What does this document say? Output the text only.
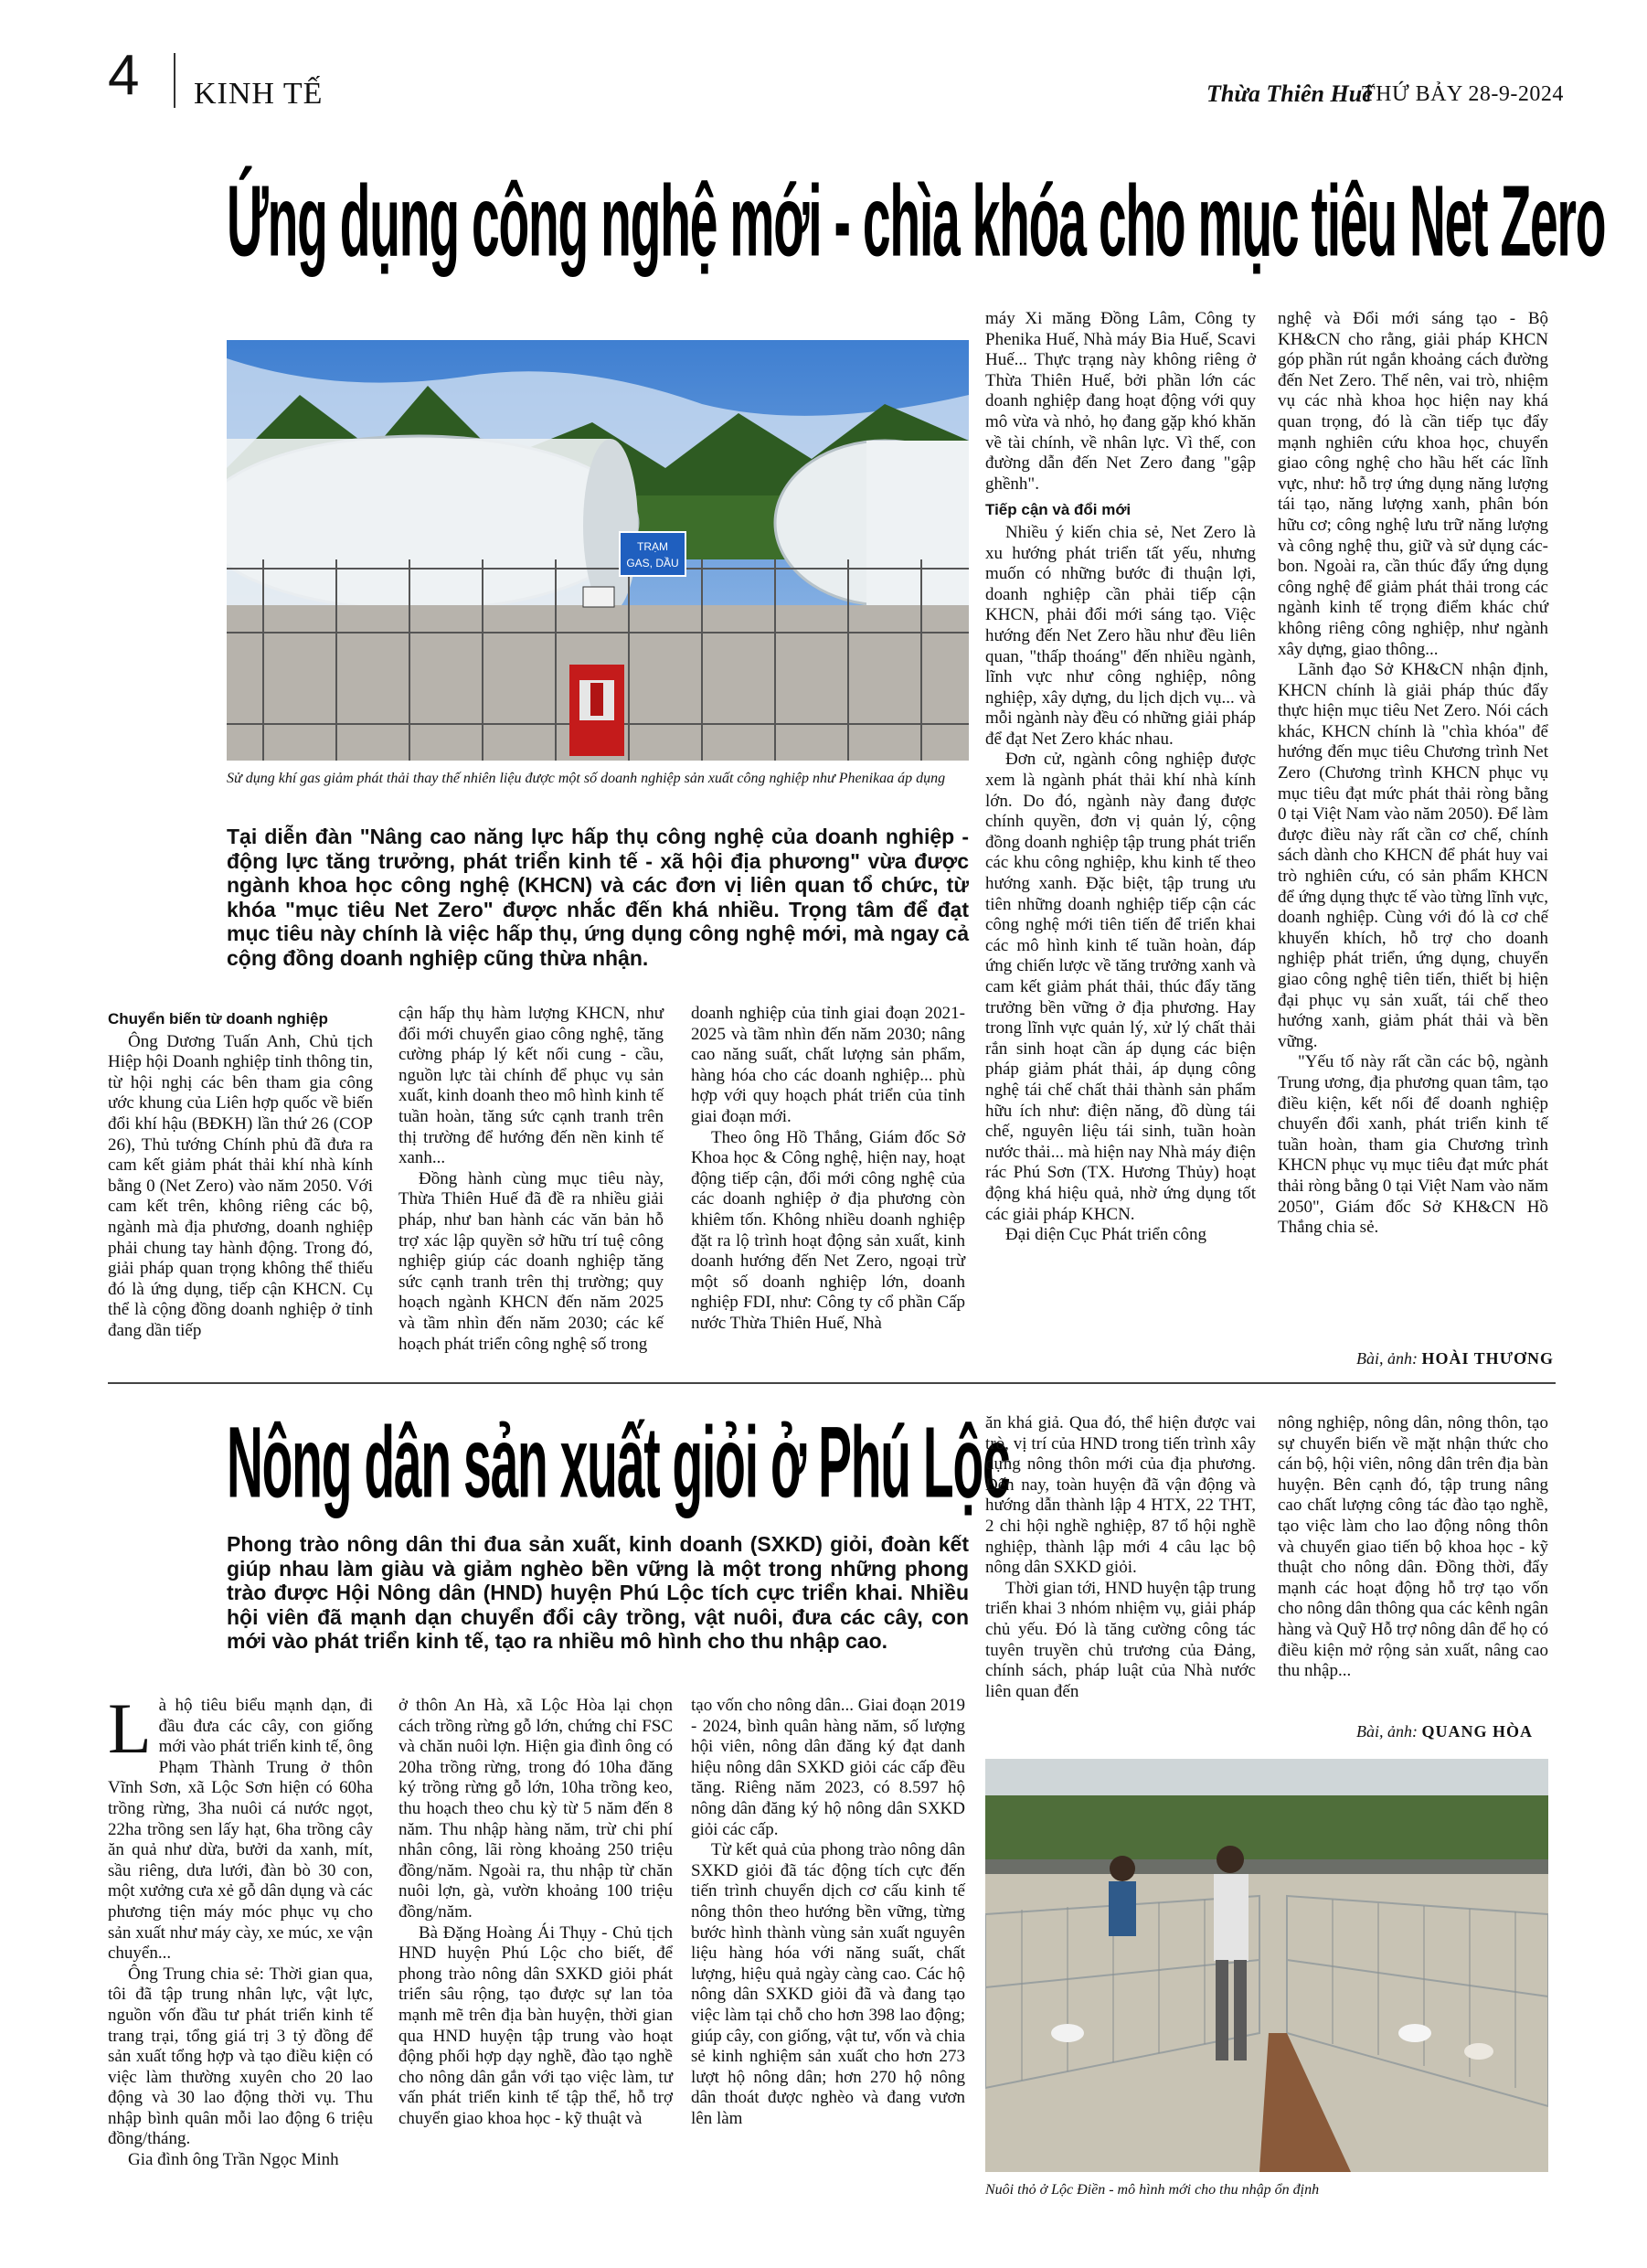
4 KINH TẾ	Thừa Thiên Huế
THỨ BẢY 28-9-2024
Ứng dụng công nghệ mới - chìa khóa cho mục tiêu Net Zero
TRẠM
GAS, DẦU
Sử dụng khí gas giảm phát thải thay thế nhiên liệu được một số doanh nghiệp sản xuất công nghiệp như Phenikaa áp dụng
Tại diễn đàn "Nâng cao năng lực hấp thụ công nghệ của doanh nghiệp - động lực tăng trưởng, phát triển kinh tế - xã hội địa phương" vừa được ngành khoa học công nghệ (KHCN) và các đơn vị liên quan tổ chức, từ khóa "mục tiêu Net Zero" được nhắc đến khá nhiều. Trọng tâm để đạt mục tiêu này chính là việc hấp thụ, ứng dụng công nghệ mới, mà ngay cả cộng đồng doanh nghiệp cũng thừa nhận.
Chuyển biến từ doanh nghiệp

Ông Dương Tuấn Anh, Chủ tịch Hiệp hội Doanh nghiệp tỉnh thông tin, từ hội nghị các bên tham gia công ước khung của Liên hợp quốc về biến đổi khí hậu (BĐKH) lần thứ 26 (COP 26), Thủ tướng Chính phủ đã đưa ra cam kết giảm phát thải khí nhà kính bằng 0 (Net Zero) vào năm 2050. Với cam kết trên, không riêng các bộ, ngành mà địa phương, doanh nghiệp phải chung tay hành động. Trong đó, giải pháp quan trọng không thể thiếu đó là ứng dụng, tiếp cận KHCN. Cụ thể là cộng đồng doanh nghiệp ở tỉnh đang dần tiếp

cận hấp thụ hàm lượng KHCN, như đổi mới chuyển giao công nghệ, tăng cường pháp lý kết nối cung - cầu, nguồn lực tài chính để phục vụ sản xuất, kinh doanh theo mô hình kinh tế tuần hoàn, tăng sức cạnh tranh trên thị trường để hướng đến nền kinh tế xanh...

Đồng hành cùng mục tiêu này, Thừa Thiên Huế đã đề ra nhiều giải pháp, như ban hành các văn bản hỗ trợ xác lập quyền sở hữu trí tuệ công nghiệp giúp các doanh nghiệp tăng sức cạnh tranh trên thị trường; quy hoạch ngành KHCN đến năm 2025 và tầm nhìn đến năm 2030; các kế hoạch phát triển công nghệ số trong

doanh nghiệp của tỉnh giai đoạn 2021-2025 và tầm nhìn đến năm 2030; nâng cao năng suất, chất lượng sản phẩm, hàng hóa cho các doanh nghiệp... phù hợp với quy hoạch phát triển của tỉnh giai đoạn mới.

Theo ông Hồ Thắng, Giám đốc Sở Khoa học & Công nghệ, hiện nay, hoạt động tiếp cận, đổi mới công nghệ của các doanh nghiệp ở địa phương còn khiêm tốn. Không nhiều doanh nghiệp đặt ra lộ trình hoạt động sản xuất, kinh doanh hướng đến Net Zero, ngoại trừ một số doanh nghiệp lớn, doanh nghiệp FDI, như: Công ty cổ phần Cấp nước Thừa Thiên Huế, Nhà

máy Xi măng Đồng Lâm, Công ty Phenika Huế, Nhà máy Bia Huế, Scavi Huế... Thực trạng này không riêng ở Thừa Thiên Huế, bởi phần lớn các doanh nghiệp đang hoạt động với quy mô vừa và nhỏ, họ đang gặp khó khăn về tài chính, về nhân lực. Vì thế, con đường dẫn đến Net Zero đang "gập ghềnh".

Tiếp cận và đổi mới

Nhiều ý kiến chia sẻ, Net Zero là xu hướng phát triển tất yếu, nhưng muốn có những bước đi thuận lợi, doanh nghiệp cần phải tiếp cận KHCN, phải đổi mới sáng tạo. Việc hướng đến Net Zero hầu như đều liên quan, "thấp thoáng" đến nhiều ngành, lĩnh vực như công nghiệp, nông nghiệp, xây dựng, du lịch dịch vụ... và mỗi ngành này đều có những giải pháp để đạt Net Zero khác nhau.

Đơn cử, ngành công nghiệp được xem là ngành phát thải khí nhà kính lớn. Do đó, ngành này đang được chính quyền, đơn vị quản lý, cộng đồng doanh nghiệp tập trung phát triển các khu công nghiệp, khu kinh tế theo hướng xanh. Đặc biệt, tập trung ưu tiên những doanh nghiệp tiếp cận các công nghệ mới tiên tiến để triển khai các mô hình kinh tế tuần hoàn, đáp ứng chiến lược về tăng trưởng xanh và cam kết giảm phát thải, thúc đẩy tăng trưởng bền vững ở địa phương. Hay trong lĩnh vực quản lý, xử lý chất thải rắn sinh hoạt cần áp dụng các biện pháp giảm phát thải, áp dụng công nghệ tái chế chất thải thành sản phẩm hữu ích như: điện năng, đồ dùng tái chế, nguyên liệu tái sinh, tuần hoàn nước thải... mà hiện nay Nhà máy điện rác Phú Sơn (TX. Hương Thủy) hoạt động khá hiệu quả, nhờ ứng dụng tốt các giải pháp KHCN.

Đại diện Cục Phát triển công

nghệ và Đổi mới sáng tạo - Bộ KH&CN cho rằng, giải pháp KHCN góp phần rút ngắn khoảng cách đường đến Net Zero. Thế nên, vai trò, nhiệm vụ các nhà khoa học hiện nay khá quan trọng, đó là cần tiếp tục đẩy mạnh nghiên cứu khoa học, chuyển giao công nghệ cho hầu hết các lĩnh vực, như: hỗ trợ ứng dụng năng lượng tái tạo, năng lượng xanh, phân bón hữu cơ; công nghệ lưu trữ năng lượng và công nghệ thu, giữ và sử dụng các-bon. Ngoài ra, cần thúc đẩy ứng dụng công nghệ để giảm phát thải trong các ngành kinh tế trọng điểm khác chứ không riêng công nghiệp, như ngành xây dựng, giao thông...

Lãnh đạo Sở KH&CN nhận định, KHCN chính là giải pháp thúc đẩy thực hiện mục tiêu Net Zero. Nói cách khác, KHCN chính là "chìa khóa" để hướng đến mục tiêu Chương trình Net Zero (Chương trình KHCN phục vụ mục tiêu đạt mức phát thải ròng bằng 0 tại Việt Nam vào năm 2050). Để làm được điều này rất cần cơ chế, chính sách dành cho KHCN để phát huy vai trò nghiên cứu, có sản phẩm KHCN để ứng dụng thực tế vào từng lĩnh vực, doanh nghiệp. Cùng với đó là cơ chế khuyến khích, hỗ trợ cho doanh nghiệp phát triển, ứng dụng, chuyển giao công nghệ tiên tiến, thiết bị hiện đại phục vụ sản xuất, tái chế theo hướng xanh, giảm phát thải và bền vững.

"Yếu tố này rất cần các bộ, ngành Trung ương, địa phương quan tâm, tạo điều kiện, kết nối để doanh nghiệp chuyển đổi xanh, phát triển kinh tế tuần hoàn, tham gia Chương trình KHCN phục vụ mục tiêu đạt mức phát thải ròng bằng 0 tại Việt Nam vào năm 2050", Giám đốc Sở KH&CN Hồ Thắng chia sẻ.

Bài, ảnh: HOÀI THƯƠNG
Nông dân sản xuất giỏi ở Phú Lộc
Phong trào nông dân thi đua sản xuất, kinh doanh (SXKD) giỏi, đoàn kết giúp nhau làm giàu và giảm nghèo bền vững là một trong những phong trào được Hội Nông dân (HND) huyện Phú Lộc tích cực triển khai. Nhiều hội viên đã mạnh dạn chuyển đổi cây trồng, vật nuôi, đưa các cây, con mới vào phát triển kinh tế, tạo ra nhiều mô hình cho thu nhập cao.

Là hộ tiêu biểu mạnh dạn, đi đầu đưa các cây, con giống mới vào phát triển kinh tế, ông Phạm Thành Trung ở thôn Vĩnh Sơn, xã Lộc Sơn hiện có 60ha trồng rừng, 3ha nuôi cá nước ngọt, 22ha trồng sen lấy hạt, 6ha trồng cây ăn quả như dừa, bưởi da xanh, mít, sầu riêng, dưa lưới, đàn bò 30 con, một xưởng cưa xẻ gỗ dân dụng và các phương tiện máy móc phục vụ cho sản xuất như máy cày, xe múc, xe vận chuyển...

Ông Trung chia sẻ: Thời gian qua, tôi đã tập trung nhân lực, vật lực, nguồn vốn đầu tư phát triển kinh tế trang trại, tổng giá trị 3 tỷ đồng để sản xuất tổng hợp và tạo điều kiện có việc làm thường xuyên cho 20 lao động và 30 lao động thời vụ. Thu nhập bình quân mỗi lao động 6 triệu đồng/tháng.

Gia đình ông Trần Ngọc Minh

ở thôn An Hà, xã Lộc Hòa lại chọn cách trồng rừng gỗ lớn, chứng chỉ FSC và chăn nuôi lợn. Hiện gia đình ông có 20ha trồng rừng, trong đó 10ha đăng ký trồng rừng gỗ lớn, 10ha trồng keo, thu hoạch theo chu kỳ từ 5 năm đến 8 năm. Thu nhập hàng năm, trừ chi phí nhân công, lãi ròng khoảng 250 triệu đồng/năm. Ngoài ra, thu nhập từ chăn nuôi lợn, gà, vườn khoảng 100 triệu đồng/năm.

Bà Đặng Hoàng Ái Thụy - Chủ tịch HND huyện Phú Lộc cho biết, để phong trào nông dân SXKD giỏi phát triển sâu rộng, tạo được sự lan tỏa mạnh mẽ trên địa bàn huyện, thời gian qua HND huyện tập trung vào hoạt động phối hợp dạy nghề, đào tạo nghề cho nông dân gắn với tạo việc làm, tư vấn phát triển kinh tế tập thể, hỗ trợ chuyển giao khoa học - kỹ thuật và

tạo vốn cho nông dân... Giai đoạn 2019 - 2024, bình quân hàng năm, số lượng hội viên, nông dân đăng ký đạt danh hiệu nông dân SXKD giỏi các cấp đều tăng. Riêng năm 2023, có 8.597 hộ nông dân đăng ký hộ nông dân SXKD giỏi các cấp.

Từ kết quả của phong trào nông dân SXKD giỏi đã tác động tích cực đến tiến trình chuyển dịch cơ cấu kinh tế nông thôn theo hướng bền vững, từng bước hình thành vùng sản xuất nguyên liệu hàng hóa với năng suất, chất lượng, hiệu quả ngày càng cao. Các hộ nông dân SXKD giỏi đã và đang tạo việc làm tại chỗ cho hơn 398 lao động; giúp cây, con giống, vật tư, vốn và chia sẻ kinh nghiệm sản xuất cho hơn 273 lượt hộ nông dân; hơn 270 hộ nông dân thoát được nghèo và đang vươn lên làm

ăn khá giả. Qua đó, thể hiện được vai trò, vị trí của HND trong tiến trình xây dựng nông thôn mới của địa phương. Đến nay, toàn huyện đã vận động và hướng dẫn thành lập 4 HTX, 22 THT, 2 chi hội nghề nghiệp, 87 tổ hội nghề nghiệp, thành lập mới 4 câu lạc bộ nông dân SXKD giỏi.

Thời gian tới, HND huyện tập trung triển khai 3 nhóm nhiệm vụ, giải pháp chủ yếu. Đó là tăng cường công tác tuyên truyền chủ trương của Đảng, chính sách, pháp luật của Nhà nước liên quan đến

nông nghiệp, nông dân, nông thôn, tạo sự chuyển biến về mặt nhận thức cho cán bộ, hội viên, nông dân trên địa bàn huyện. Bên cạnh đó, tập trung nâng cao chất lượng công tác đào tạo nghề, tạo việc làm cho lao động nông thôn và chuyển giao tiến bộ khoa học - kỹ thuật cho nông dân. Đồng thời, đẩy mạnh các hoạt động hỗ trợ tạo vốn cho nông dân thông qua các kênh ngân hàng và Quỹ Hỗ trợ nông dân để họ có điều kiện mở rộng sản xuất, nâng cao thu nhập...

Bài, ảnh: QUANG HÒA
Nuôi thỏ ở Lộc Điền - mô hình mới cho thu nhập ổn định
